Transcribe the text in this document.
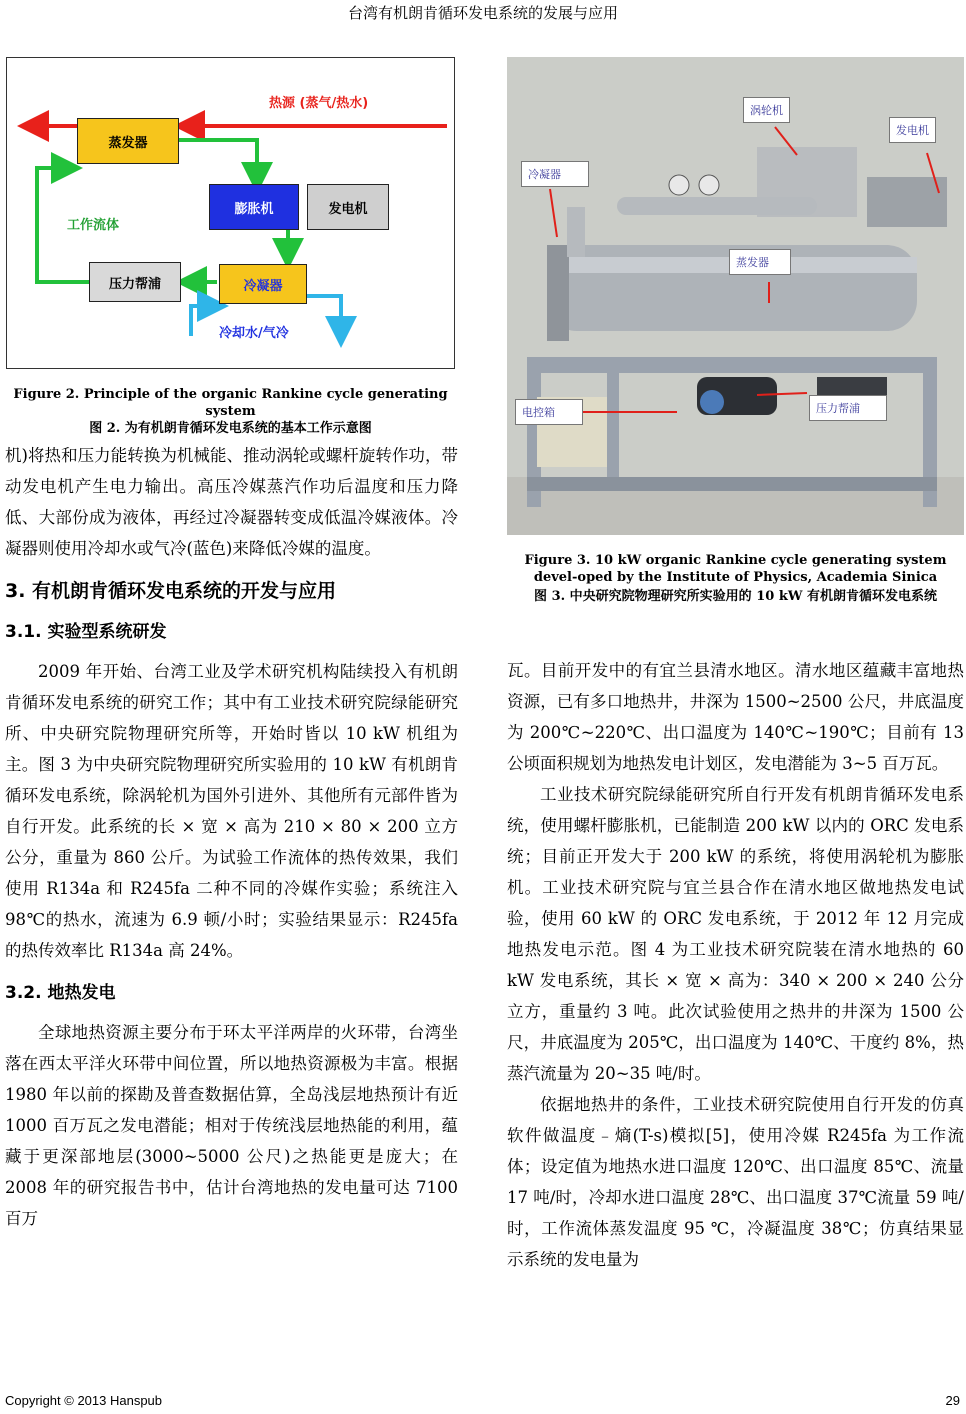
台湾有机朗肯循环发电系统的发展与应用
热源 (蒸气/热水)
蒸发器
膨胀机	发电机
工作流体
压力帮浦	冷凝器
冷却水/气冷
Figure 2. Principle of the organic Rankine cycle generating system
图 2. 为有机朗肯循环发电系统的基本工作示意图
涡轮机
发电机
冷凝器
蒸发器
电控箱	压力帮浦
Figure 3. 10 kW organic Rankine cycle generating system devel-oped by the Institute of Physics, Academia Sinica
图 3. 中央研究院物理研究所实验用的 10 kW 有机朗肯循环发电系统

机)将热和压力能转换为机械能、推动涡轮或螺杆旋转作功，带动发电机产生电力输出。高压冷媒蒸汽作功后温度和压力降低、大部份成为液体，再经过冷凝器转变成低温冷媒液体。冷凝器则使用冷却水或气冷(蓝色)来降低冷媒的温度。

3. 有机朗肯循环发电系统的开发与应用
3.1. 实验型系统研发

2009 年开始、台湾工业及学术研究机构陆续投入有机朗肯循环发电系统的研究工作；其中有工业技术研究院绿能研究所、中央研究院物理研究所等，开始时皆以 10 kW 机组为主。图 3 为中央研究院物理研究所实验用的 10 kW 有机朗肯循环发电系统，除涡轮机为国外引进外、其他所有元部件皆为自行开发。此系统的长 × 宽 × 高为 210 × 80 × 200 立方公分，重量为 860 公斤。为试验工作流体的热传效果，我们使用 R134a 和 R245fa 二种不同的冷媒作实验；系统注入98℃的热水，流速为 6.9 顿/小时；实验结果显示：R245fa 的热传效率比 R134a 高 24%。

3.2. 地热发电

全球地热资源主要分布于环太平洋两岸的火环带，台湾坐落在西太平洋火环带中间位置，所以地热资源极为丰富。根据 1980 年以前的探勘及普查数据估算，全岛浅层地热预计有近 1000 百万瓦之发电潜能；相对于传统浅层地热能的利用，蕴藏于更深部地层(3000~5000 公尺)之热能更是庞大；在 2008 年的研究报告书中，估计台湾地热的发电量可达 7100 百万

瓦。目前开发中的有宜兰县清水地区。清水地区蕴藏丰富地热资源，已有多口地热井，井深为 1500~2500 公尺，井底温度为 200℃~220℃、出口温度为 140℃~190℃；目前有 13 公顷面积规划为地热发电计划区，发电潜能为 3~5 百万瓦。

工业技术研究院绿能研究所自行开发有机朗肯循环发电系统，使用螺杆膨胀机，已能制造 200 kW 以内的 ORC 发电系统；目前正开发大于 200 kW 的系统，将使用涡轮机为膨胀机。工业技术研究院与宜兰县合作在清水地区做地热发电试验，使用 60 kW 的 ORC 发电系统，于 2012 年 12 月完成地热发电示范。图 4 为工业技术研究院装在清水地热的 60 kW 发电系统，其长 × 宽 × 高为：340 × 200 × 240 公分立方，重量约 3 吨。此次试验使用之热井的井深为 1500 公尺，井底温度为 205℃，出口温度为 140℃、干度约 8%，热蒸汽流量为 20~35 吨/时。

依据地热井的条件，工业技术研究院使用自行开发的仿真软件做温度﹣熵(T-s)模拟[5]，使用冷媒 R245fa 为工作流体；设定值为地热水进口温度 120℃、出口温度 85℃、流量 17 吨/时，冷却水进口温度 28℃、出口温度 37℃流量 59 吨/时，工作流体蒸发温度 95 ℃，冷凝温度 38℃；仿真结果显示系统的发电量为

Copyright © 2013 Hanspub	29
